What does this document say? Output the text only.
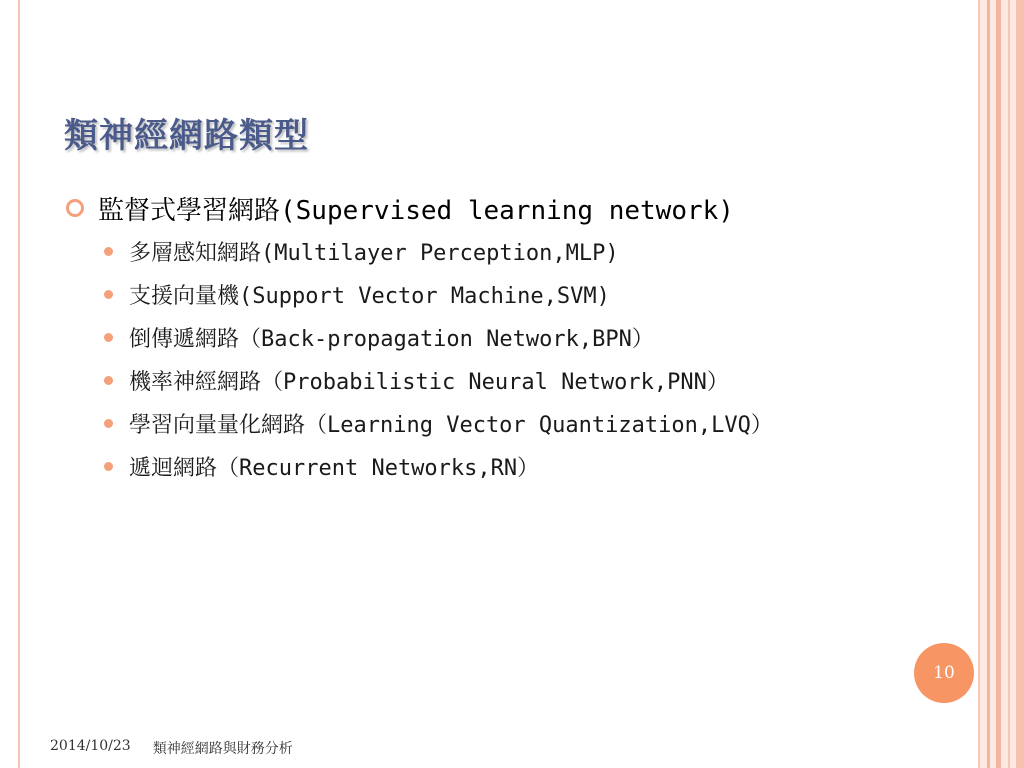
類神經網路類型
監督式學習網路(Supervised learning network)
多層感知網路(Multilayer Perception,MLP)
支援向量機(Support Vector Machine,SVM)
倒傳遞網路（Back-propagation Network,BPN）
機率神經網路（Probabilistic Neural Network,PNN）
學習向量量化網路（Learning Vector Quantization,LVQ）
遞迴網路（Recurrent Networks,RN）
10
2014/10/23 類神經網路與財務分析
